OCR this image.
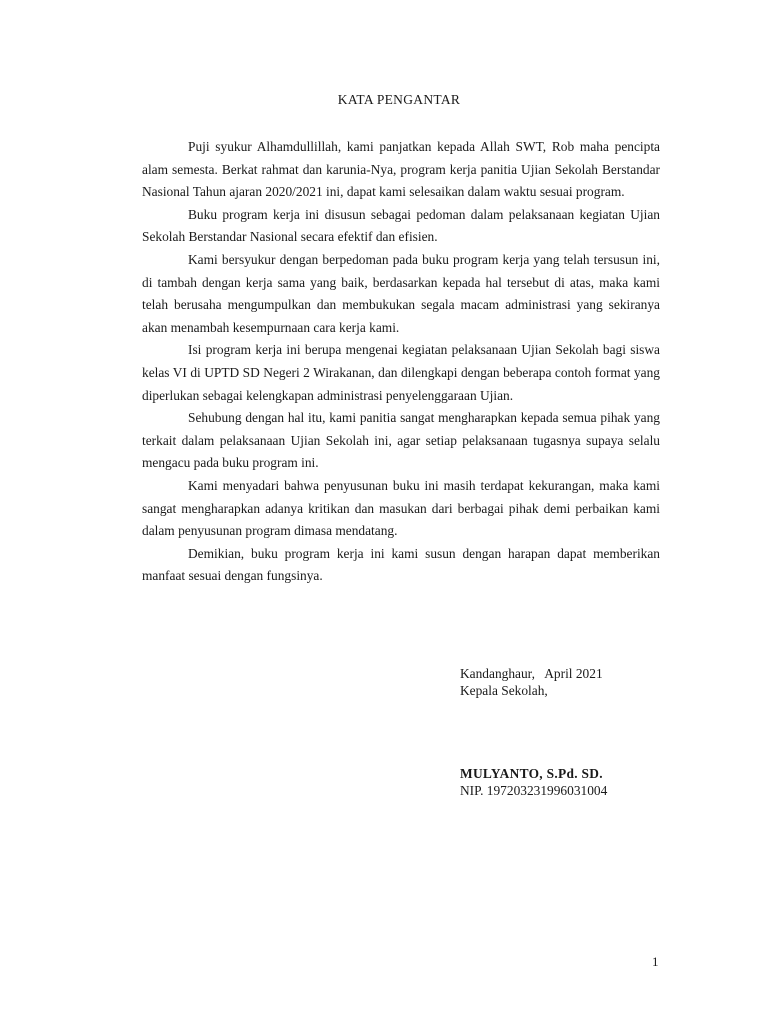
KATA PENGANTAR

Puji syukur Alhamdullillah, kami panjatkan kepada Allah SWT, Rob maha pencipta alam semesta. Berkat rahmat dan karunia-Nya, program kerja panitia Ujian Sekolah Berstandar Nasional Tahun ajaran 2020/2021 ini, dapat kami selesaikan dalam waktu sesuai program.

Buku program kerja ini disusun sebagai pedoman dalam pelaksanaan kegiatan Ujian Sekolah Berstandar Nasional secara efektif dan efisien.

Kami bersyukur dengan berpedoman pada buku program kerja yang telah tersusun ini, di tambah dengan kerja sama yang baik, berdasarkan kepada hal tersebut di atas, maka kami telah berusaha mengumpulkan dan membukukan segala macam administrasi yang sekiranya akan menambah kesempurnaan cara kerja kami.

Isi program kerja ini berupa mengenai kegiatan pelaksanaan Ujian Sekolah bagi siswa kelas VI di UPTD SD Negeri 2 Wirakanan, dan dilengkapi dengan beberapa contoh format yang diperlukan sebagai kelengkapan administrasi penyelenggaraan Ujian.

Sehubung dengan hal itu, kami panitia sangat mengharapkan kepada semua pihak yang terkait dalam pelaksanaan Ujian Sekolah ini, agar setiap pelaksanaan tugasnya supaya selalu mengacu pada buku program ini.

Kami menyadari bahwa penyusunan buku ini masih terdapat kekurangan, maka kami sangat mengharapkan adanya kritikan dan masukan dari berbagai pihak demi perbaikan kami dalam penyusunan program dimasa mendatang.

Demikian, buku program kerja ini kami susun dengan harapan dapat memberikan manfaat sesuai dengan fungsinya.

Kandanghaur,   April 2021
Kepala Sekolah,
MULYANTO, S.Pd. SD.
NIP. 197203231996031004
1
